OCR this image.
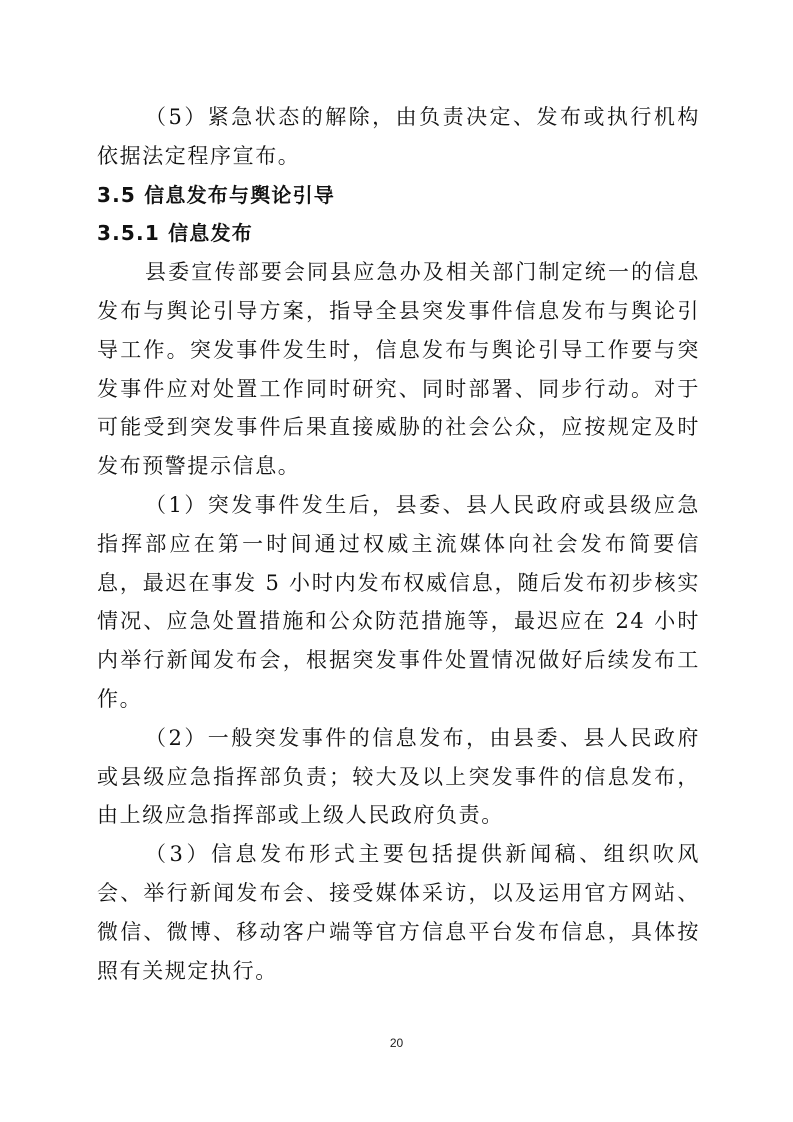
（5）紧急状态的解除，由负责决定、发布或执行机构依据法定程序宣布。

3.5 信息发布与舆论引导
3.5.1 信息发布

县委宣传部要会同县应急办及相关部门制定统一的信息发布与舆论引导方案，指导全县突发事件信息发布与舆论引导工作。突发事件发生时，信息发布与舆论引导工作要与突发事件应对处置工作同时研究、同时部署、同步行动。对于可能受到突发事件后果直接威胁的社会公众，应按规定及时发布预警提示信息。

（1）突发事件发生后，县委、县人民政府或县级应急指挥部应在第一时间通过权威主流媒体向社会发布简要信息，最迟在事发 5 小时内发布权威信息，随后发布初步核实情况、应急处置措施和公众防范措施等，最迟应在 24 小时内举行新闻发布会，根据突发事件处置情况做好后续发布工作。

（2）一般突发事件的信息发布，由县委、县人民政府或县级应急指挥部负责；较大及以上突发事件的信息发布，由上级应急指挥部或上级人民政府负责。

（3）信息发布形式主要包括提供新闻稿、组织吹风会、举行新闻发布会、接受媒体采访，以及运用官方网站、微信、微博、移动客户端等官方信息平台发布信息，具体按照有关规定执行。

20
